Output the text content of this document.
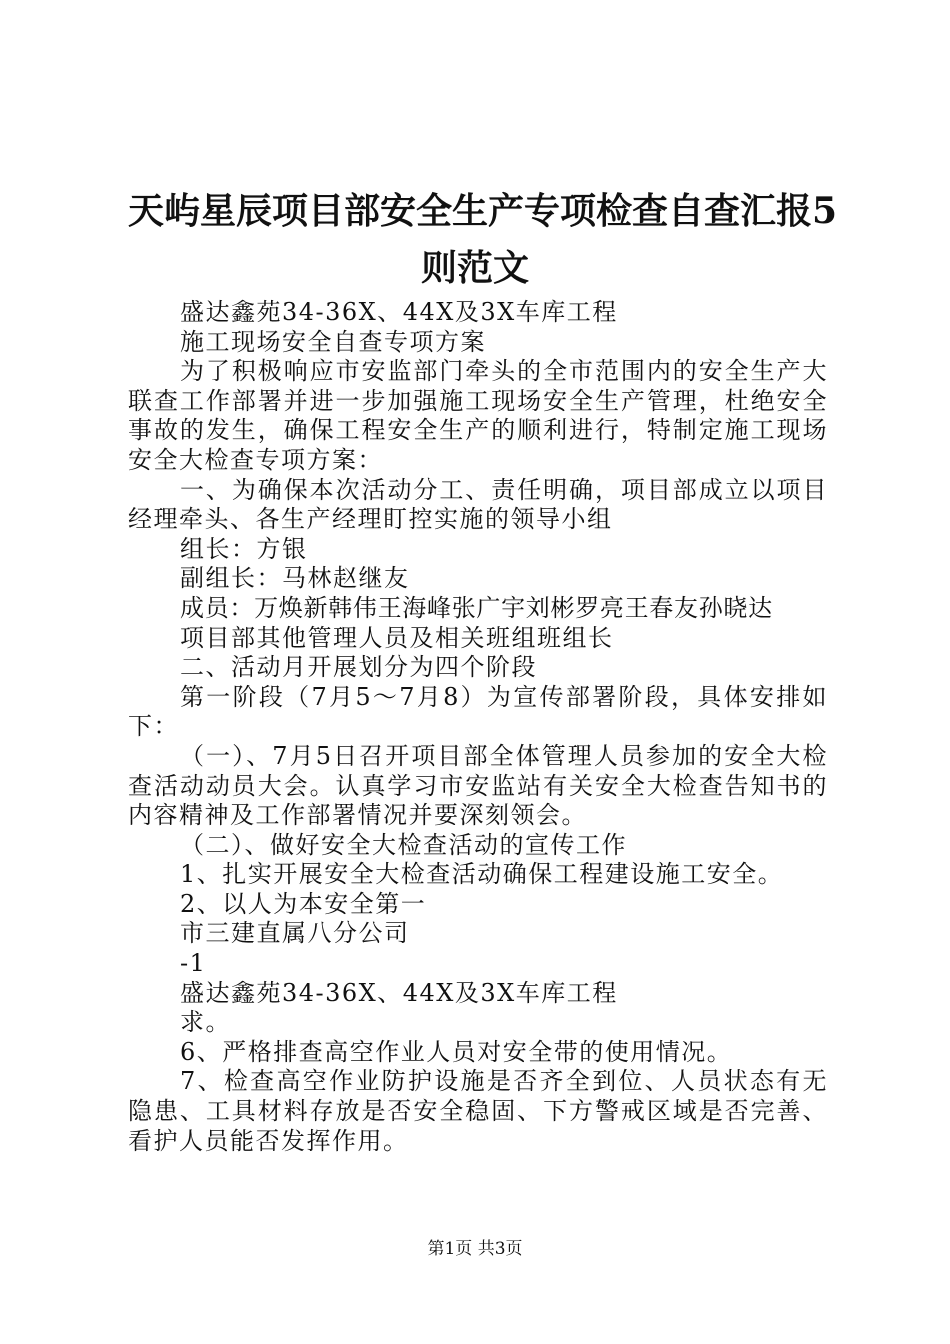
天屿星辰项目部安全生产专项检查自查汇报5
则范文

盛达鑫苑34-36X、44X及3X车库工程

施工现场安全自查专项方案

为了积极响应市安监部门牵头的全市范围内的安全生产大联查工作部署并进一步加强施工现场安全生产管理，杜绝安全事故的发生，确保工程安全生产的顺利进行，特制定施工现场安全大检查专项方案：

一、为确保本次活动分工、责任明确，项目部成立以项目经理牵头、各生产经理盯控实施的领导小组

组长：方银

副组长：马林赵继友

成员：万焕新韩伟王海峰张广宇刘彬罗亮王春友孙晓达

项目部其他管理人员及相关班组班组长

二、活动月开展划分为四个阶段

第一阶段（7月5～7月8）为宣传部署阶段，具体安排如下：

（一）、7月5日召开项目部全体管理人员参加的安全大检查活动动员大会。认真学习市安监站有关安全大检查告知书的内容精神及工作部署情况并要深刻领会。

（二）、做好安全大检查活动的宣传工作

1、扎实开展安全大检查活动确保工程建设施工安全。

2、以人为本安全第一

市三建直属八分公司

-1

盛达鑫苑34-36X、44X及3X车库工程

求。

6、严格排查高空作业人员对安全带的使用情况。

7、检查高空作业防护设施是否齐全到位、人员状态有无隐患、工具材料存放是否安全稳固、下方警戒区域是否完善、看护人员能否发挥作用。

第1页 共3页
